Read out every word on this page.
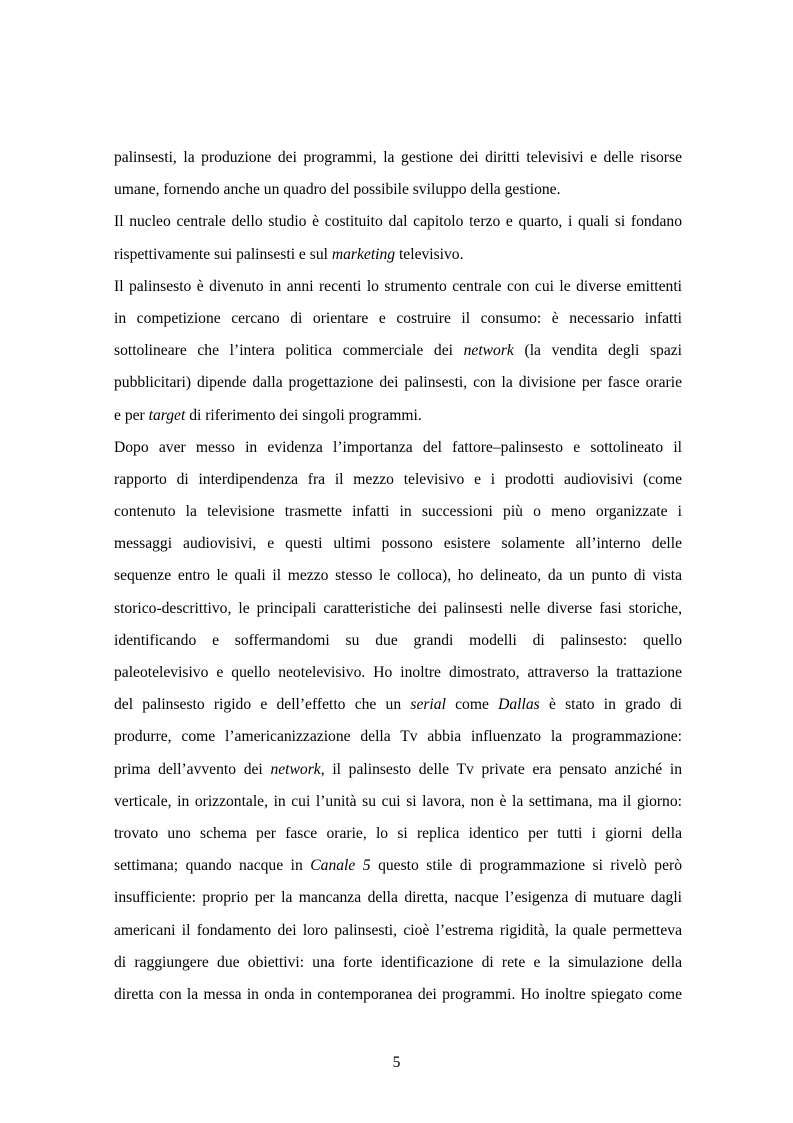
palinsesti, la produzione dei programmi, la gestione dei diritti televisivi e delle risorse
umane, fornendo anche un quadro del possibile sviluppo della gestione.
Il nucleo centrale dello studio è costituito dal capitolo terzo e quarto, i quali si fondano
rispettivamente sui palinsesti e sul marketing televisivo.
Il palinsesto è divenuto in anni recenti lo strumento centrale con cui le diverse emittenti
in competizione cercano di orientare e costruire il consumo: è necessario infatti
sottolineare che l’intera politica commerciale dei network (la vendita degli spazi
pubblicitari) dipende dalla progettazione dei palinsesti, con la divisione per fasce orarie
e per target di riferimento dei singoli programmi.
Dopo aver messo in evidenza l’importanza del fattore–palinsesto e sottolineato il
rapporto di interdipendenza fra il mezzo televisivo e i prodotti audiovisivi (come
contenuto la televisione trasmette infatti in successioni più o meno organizzate i
messaggi audiovisivi, e questi ultimi possono esistere solamente all’interno delle
sequenze entro le quali il mezzo stesso le colloca), ho delineato, da un punto di vista
storico-descrittivo, le principali caratteristiche dei palinsesti nelle diverse fasi storiche,
identificando e soffermandomi su due grandi modelli di palinsesto: quello
paleotelevisivo e quello neotelevisivo. Ho inoltre dimostrato, attraverso la trattazione
del palinsesto rigido e dell’effetto che un serial come Dallas è stato in grado di
produrre, come l’americanizzazione della Tv abbia influenzato la programmazione:
prima dell’avvento dei network, il palinsesto delle Tv private era pensato anziché in
verticale, in orizzontale, in cui l’unità su cui si lavora, non è la settimana, ma il giorno:
trovato uno schema per fasce orarie, lo si replica identico per tutti i giorni della
settimana; quando nacque in Canale 5 questo stile di programmazione si rivelò però
insufficiente: proprio per la mancanza della diretta, nacque l’esigenza di mutuare dagli
americani il fondamento dei loro palinsesti, cioè l’estrema rigidità, la quale permetteva
di raggiungere due obiettivi: una forte identificazione di rete e la simulazione della
diretta con la messa in onda in contemporanea dei programmi. Ho inoltre spiegato come
5
